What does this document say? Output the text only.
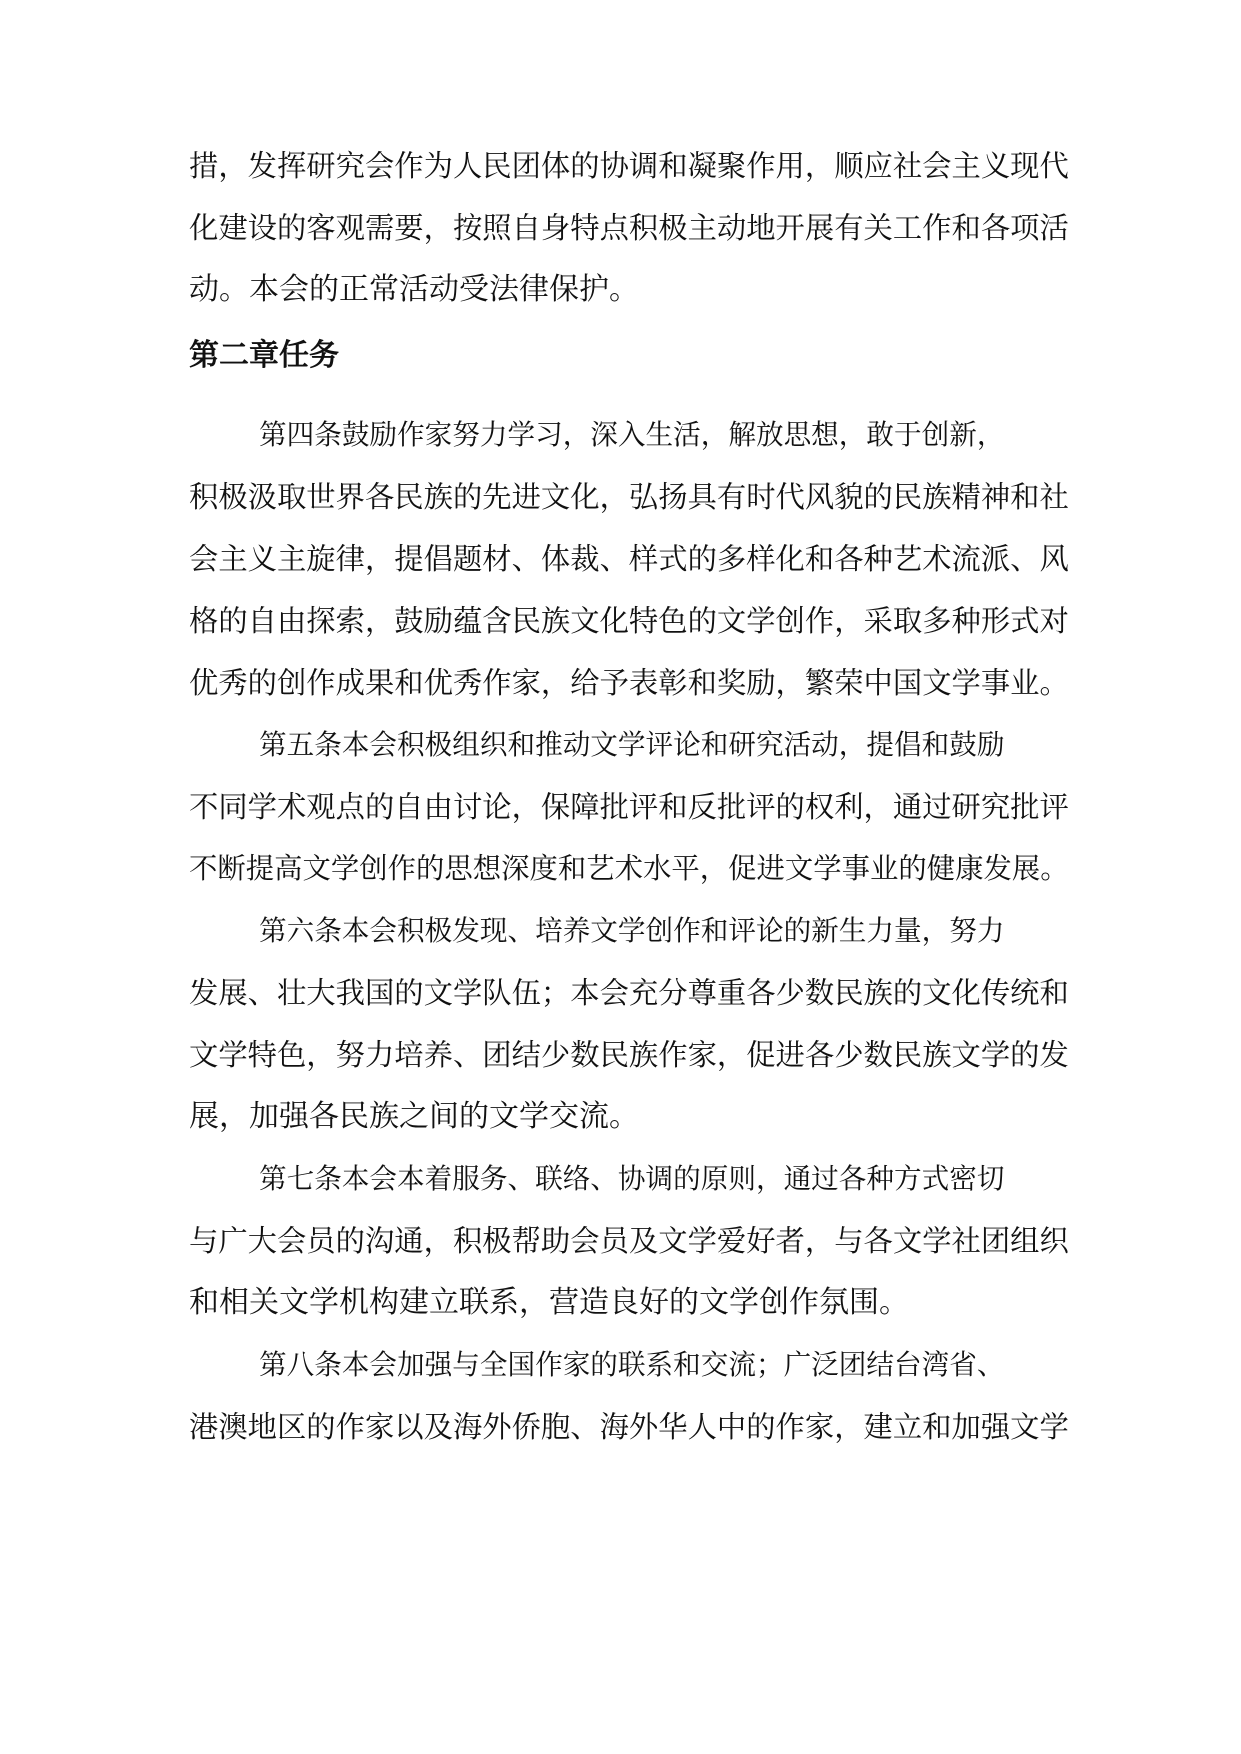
措，发挥研究会作为人民团体的协调和凝聚作用，顺应社会主义现代
化建设的客观需要，按照自身特点积极主动地开展有关工作和各项活
动。本会的正常活动受法律保护。
第二章任务
第四条鼓励作家努力学习，深入生活，解放思想，敢于创新，
积极汲取世界各民族的先进文化，弘扬具有时代风貌的民族精神和社
会主义主旋律，提倡题材、体裁、样式的多样化和各种艺术流派、风
格的自由探索，鼓励蕴含民族文化特色的文学创作，采取多种形式对
优秀的创作成果和优秀作家，给予表彰和奖励，繁荣中国文学事业。
第五条本会积极组织和推动文学评论和研究活动，提倡和鼓励
不同学术观点的自由讨论，保障批评和反批评的权利，通过研究批评
不断提高文学创作的思想深度和艺术水平，促进文学事业的健康发展。
第六条本会积极发现、培养文学创作和评论的新生力量，努力
发展、壮大我国的文学队伍；本会充分尊重各少数民族的文化传统和
文学特色，努力培养、团结少数民族作家，促进各少数民族文学的发
展，加强各民族之间的文学交流。
第七条本会本着服务、联络、协调的原则，通过各种方式密切
与广大会员的沟通，积极帮助会员及文学爱好者，与各文学社团组织
和相关文学机构建立联系，营造良好的文学创作氛围。
第八条本会加强与全国作家的联系和交流；广泛团结台湾省、
港澳地区的作家以及海外侨胞、海外华人中的作家，建立和加强文学
